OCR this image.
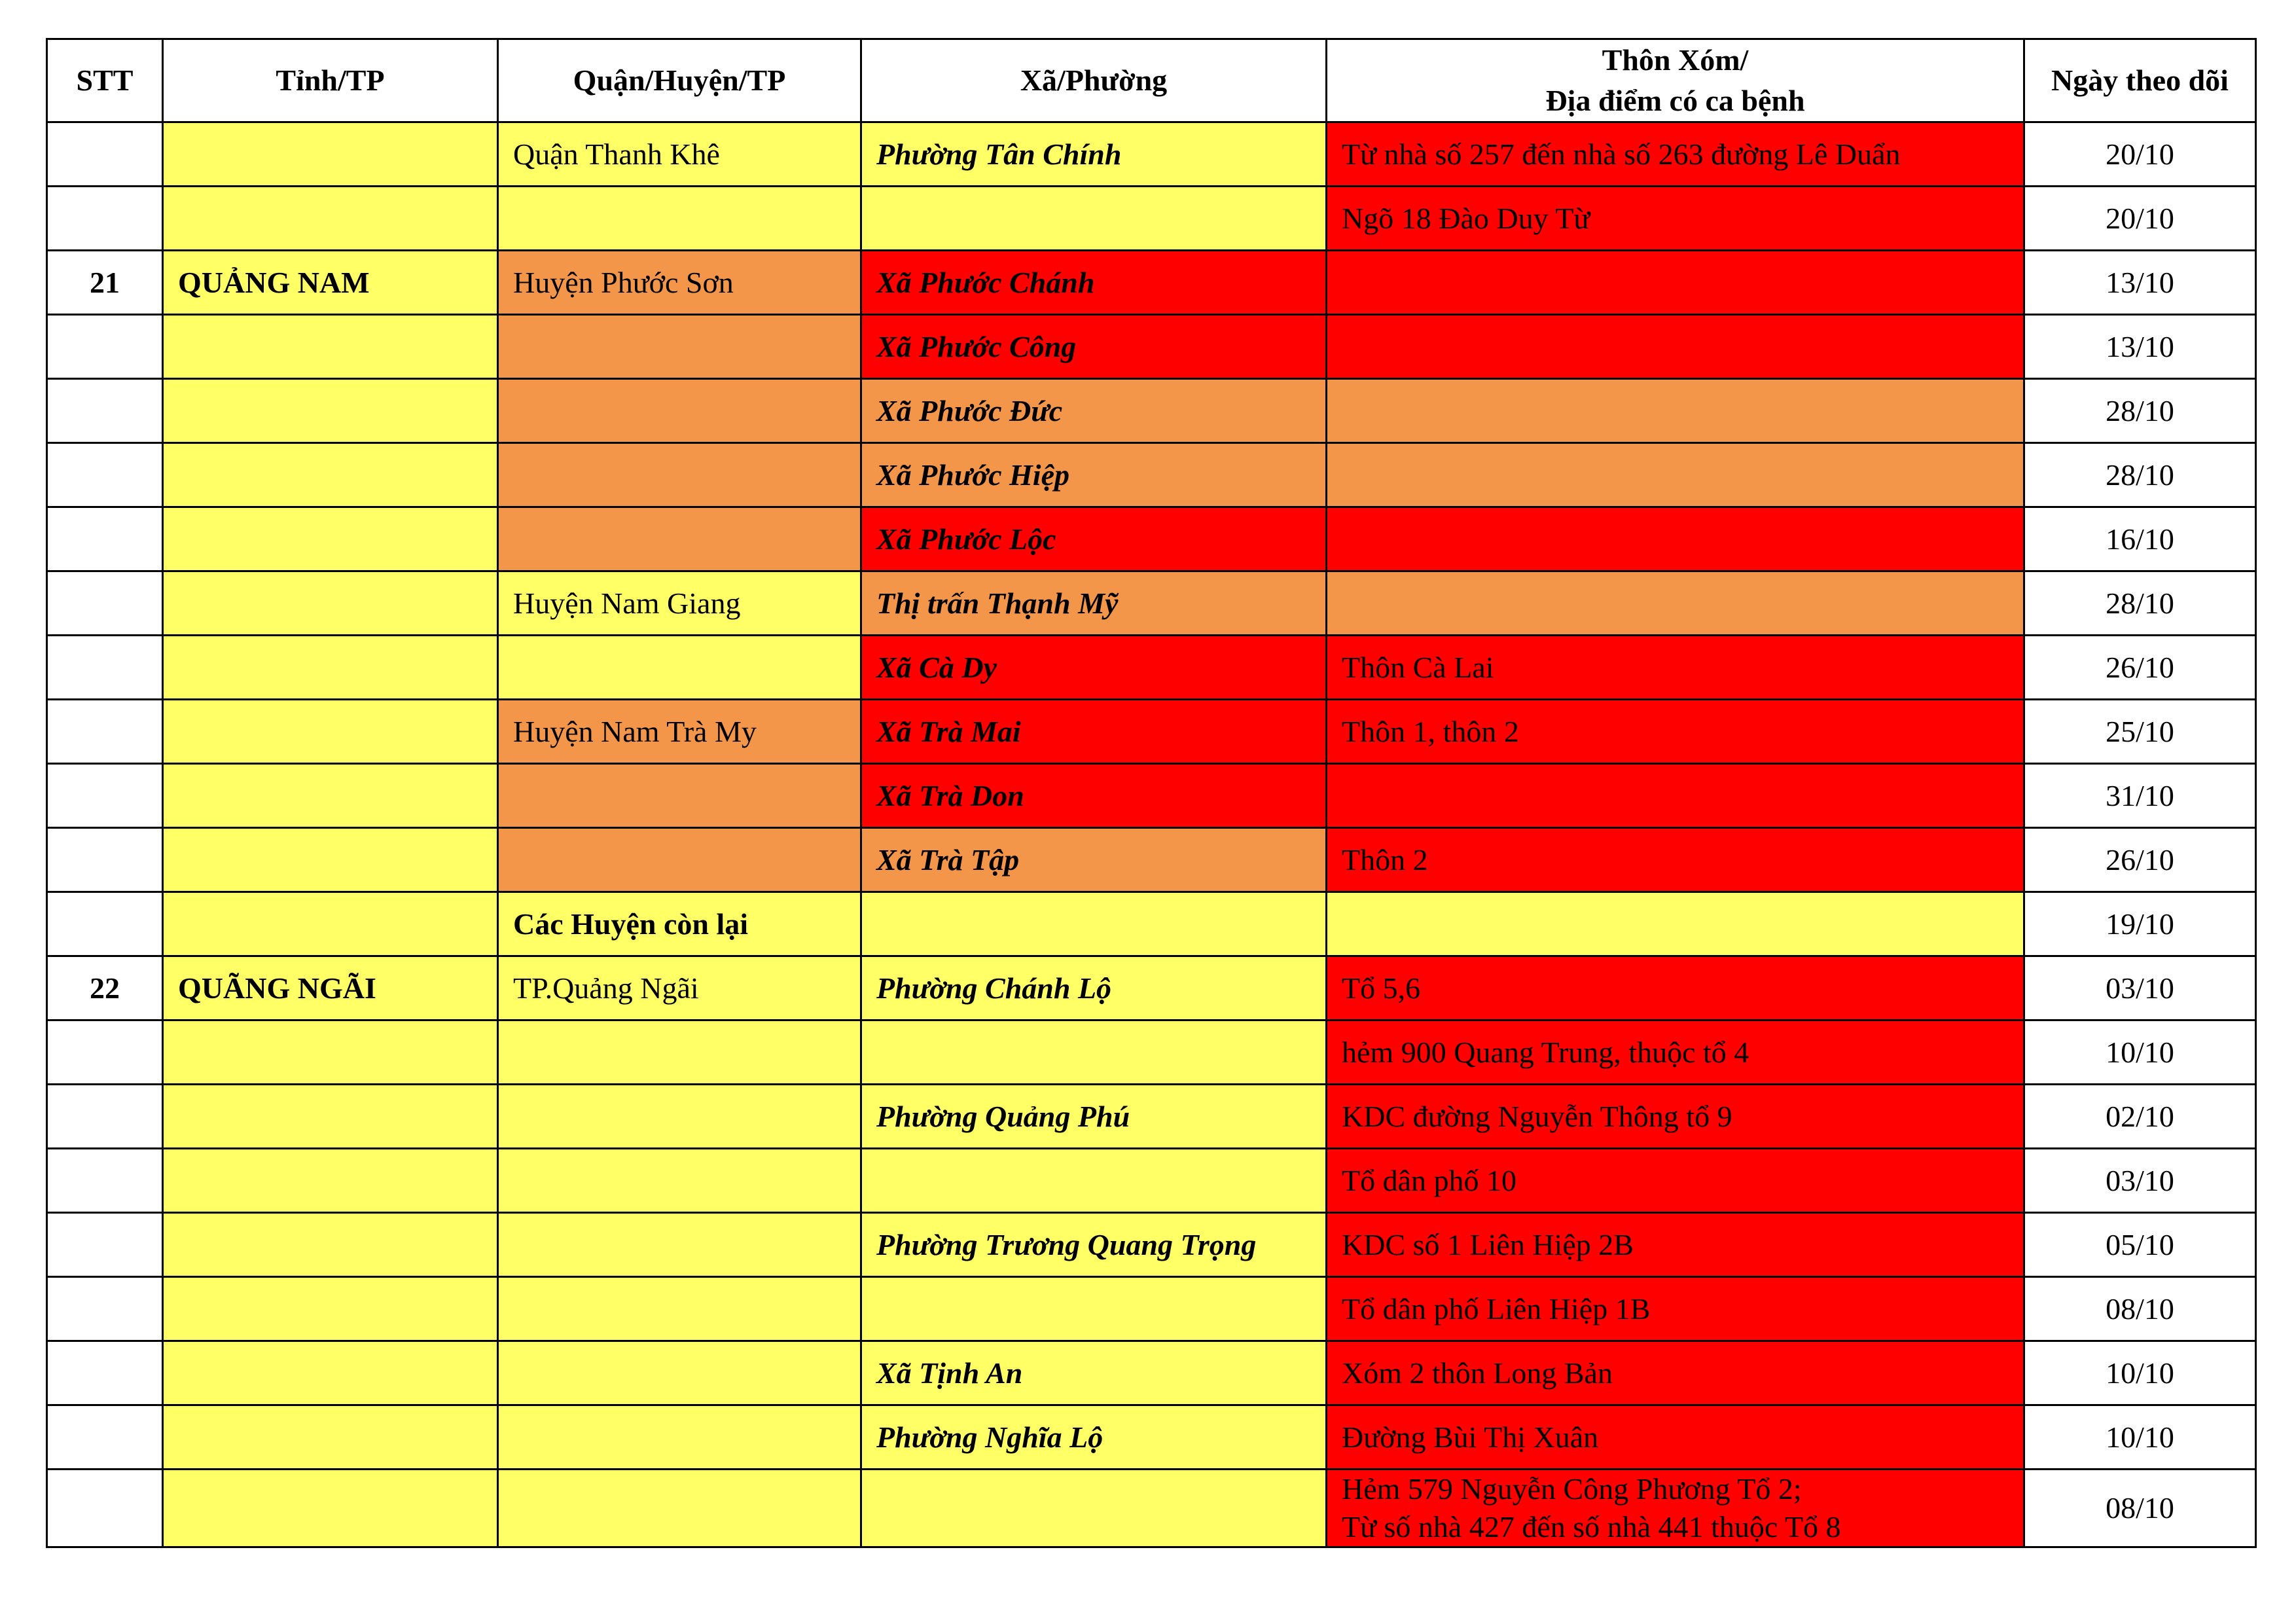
STT	Tỉnh/TP	Quận/Huyện/TP	Xã/Phường	Thôn Xóm/
Địa điểm có ca bệnh	Ngày theo dõi
		Quận Thanh Khê	Phường Tân Chính	Từ nhà số 257 đến nhà số 263 đường Lê Duẩn	20/10
				Ngõ 18 Đào Duy Từ	20/10
21	QUẢNG NAM	Huyện Phước Sơn	Xã Phước Chánh		13/10
			Xã Phước Công		13/10
			Xã Phước Đức		28/10
			Xã Phước Hiệp		28/10
			Xã Phước Lộc		16/10
		Huyện Nam Giang	Thị trấn Thạnh Mỹ		28/10
			Xã Cà Dy	Thôn Cà Lai	26/10
		Huyện Nam Trà My	Xã Trà Mai	Thôn 1, thôn 2	25/10
			Xã Trà Don		31/10
			Xã Trà Tập	Thôn 2	26/10
		Các Huyện còn lại			19/10
22	QUÃNG NGÃI	TP.Quảng Ngãi	Phường Chánh Lộ	Tổ 5,6	03/10
				hẻm 900 Quang Trung, thuộc tổ 4	10/10
			Phường Quảng Phú	KDC đường Nguyễn Thông tổ 9	02/10
				Tổ dân phố 10	03/10
			Phường Trương Quang Trọng	KDC số 1 Liên Hiệp 2B	05/10
				Tổ dân phố Liên Hiệp 1B	08/10
			Xã Tịnh An	Xóm 2 thôn Long Bản	10/10
			Phường Nghĩa Lộ	Đường Bùi Thị Xuân	10/10
				Hẻm 579 Nguyễn Công Phương Tổ 2;
Từ số nhà 427 đến số nhà 441 thuộc Tổ 8	08/10
